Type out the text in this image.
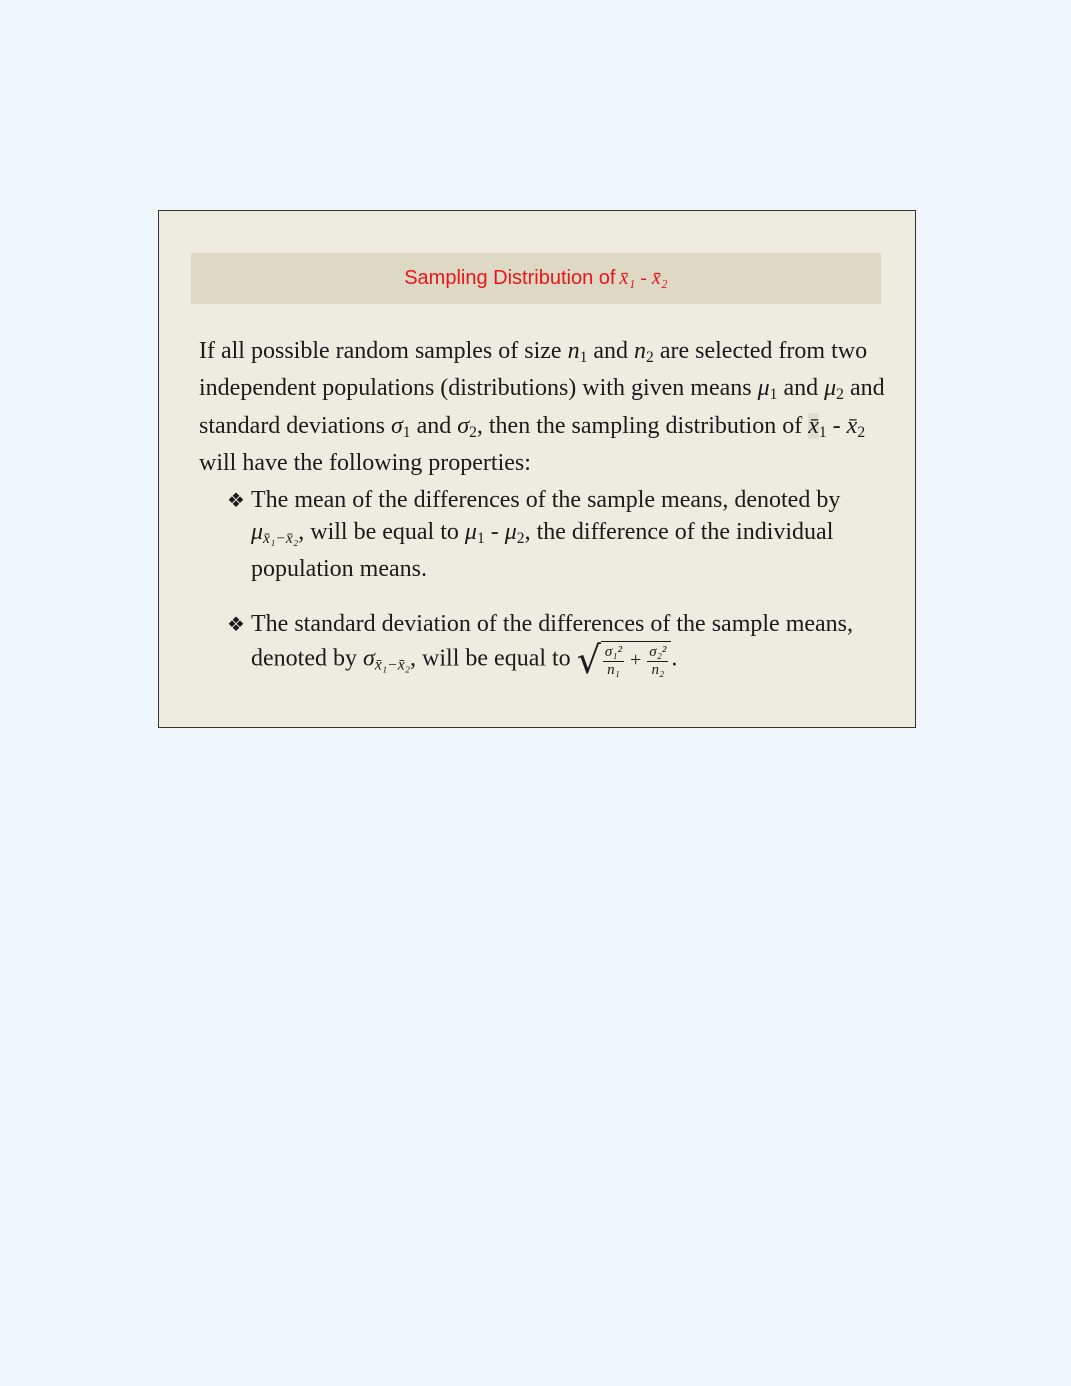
Sampling Distribution of x̄₁ - x̄₂
If all possible random samples of size $n_1$ and $n_2$ are selected from two independent populations (distributions) with given means $\mu_1$ and $\mu_2$ and standard deviations $\sigma_1$ and $\sigma_2$, then the sampling distribution of $x̄_1$ - $x̄_2$ will have the following properties:
❖ The mean of the differences of the sample means, denoted by $\mu_{x̄_1-x̄_2}$, will be equal to $\mu_1 - \mu_2$, the difference of the individual population means.
❖ The standard deviation of the differences of the sample means, denoted by $\sigma_{x̄_1-x̄_2}$, will be equal to √ $\frac{\text{σ₁²}}{\text{n₁}} + \frac{\text{σ₂²}}{\text{n₂}}$ .
